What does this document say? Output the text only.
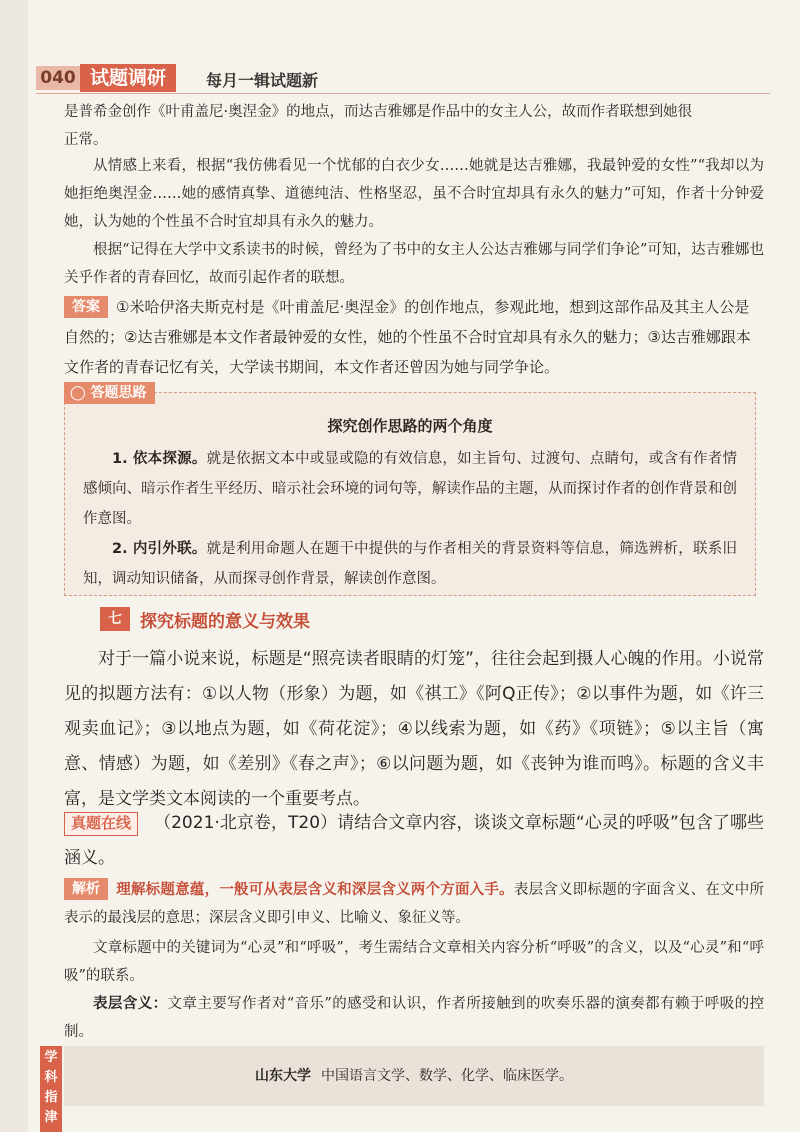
040 试题调研	每月一辑试题新
是普希金创作《叶甫盖尼·奥涅金》的地点，而达吉雅娜是作品中的女主人公，故而作者联想到她很
正常。
从情感上来看，根据“我仿佛看见一个忧郁的白衣少女……她就是达吉雅娜，我最钟爱的女性”“我却以为她拒绝奥涅金……她的感情真挚、道德纯洁、性格坚忍，虽不合时宜却具有永久的魅力”可知，作者十分钟爱她，认为她的个性虽不合时宜却具有永久的魅力。
根据“记得在大学中文系读书的时候，曾经为了书中的女主人公达吉雅娜与同学们争论”可知，达吉雅娜也关乎作者的青春回忆，故而引起作者的联想。
答案 ①米哈伊洛夫斯克村是《叶甫盖尼·奥涅金》的创作地点，参观此地，想到这部作品及其主人公是自然的；②达吉雅娜是本文作者最钟爱的女性，她的个性虽不合时宜却具有永久的魅力；③达吉雅娜跟本文作者的青春记忆有关，大学读书期间，本文作者还曾因为她与同学争论。
探究创作思路的两个角度
1. 依本探源。就是依据文本中或显或隐的有效信息，如主旨句、过渡句、点睛句，或含有作者情感倾向、暗示作者生平经历、暗示社会环境的词句等，解读作品的主题，从而探讨作者的创作背景和创作意图。
2. 内引外联。就是利用命题人在题干中提供的与作者相关的背景资料等信息，筛选辨析，联系旧知，调动知识储备，从而探寻创作背景，解读创作意图。
◯ 答题思路
七	探究标题的意义与效果
对于一篇小说来说，标题是“照亮读者眼睛的灯笼”，往往会起到摄人心魄的作用。小说常见的拟题方法有：①以人物（形象）为题，如《祺工》《阿Q正传》；②以事件为题，如《许三观卖血记》；③以地点为题，如《荷花淀》；④以线索为题，如《药》《项链》；⑤以主旨（寓意、情感）为题，如《差别》《春之声》；⑥以问题为题，如《丧钟为谁而鸣》。标题的含义丰富，是文学类文本阅读的一个重要考点。
真题在线 （2021·北京卷，T20）请结合文章内容，谈谈文章标题“心灵的呼吸”包含了哪些涵义。
解析 理解标题意蕴，一般可从表层含义和深层含义两个方面入手。表层含义即标题的字面含义、在文中所表示的最浅层的意思；深层含义即引申义、比喻义、象征义等。
文章标题中的关键词为“心灵”和“呼吸”，考生需结合文章相关内容分析“呼吸”的含义，以及“心灵”和“呼吸”的联系。
表层含义：文章主要写作者对“音乐”的感受和认识，作者所接触到的吹奏乐器的演奏都有赖于呼吸的控制。
山东大学 中国语言文学、数学、化学、临床医学。
学科指津
